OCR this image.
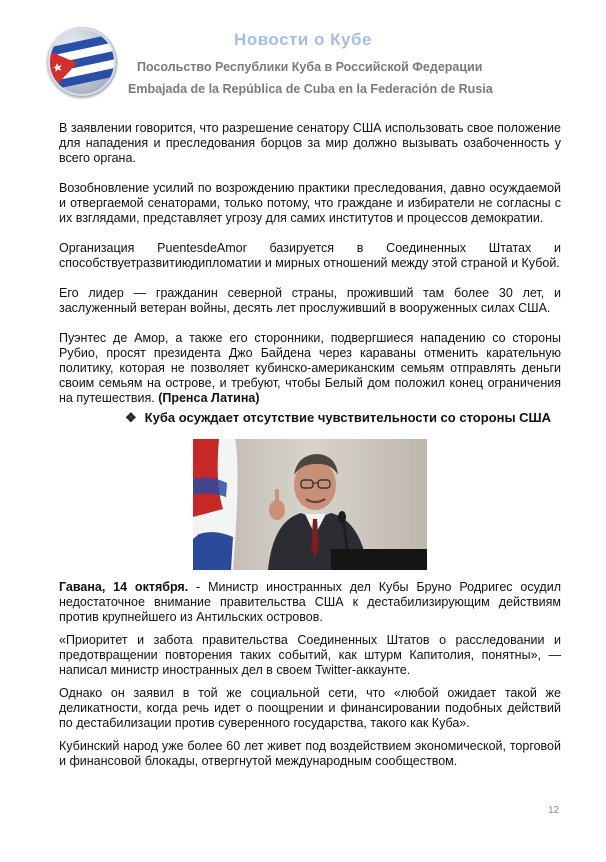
Новости о Кубе
Посольство Республики Куба в Российской Федерации
Embajada de la República de Cuba en la Federación de Rusia

В заявлении говорится, что разрешение сенатору США использовать свое положение для нападения и преследования борцов за мир должно вызывать озабоченность у всего органа.

Возобновление усилий по возрождению практики преследования, давно осуждаемой и отвергаемой сенаторами, только потому, что граждане и избиратели не согласны с их взглядами, представляет угрозу для самих институтов и процессов демократии.

Организация PuentesdeAmor базируется в Соединенных Штатах и способствуетразвитиюдипломатии и мирных отношений между этой страной и Кубой.

Его лидер — гражданин северной страны, проживший там более 30 лет, и заслуженный ветеран войны, десять лет прослуживший в вооруженных силах США.

Пуэнтес де Амор, а также его сторонники, подвергшиеся нападению со стороны Рубио, просят президента Джо Байдена через караваны отменить карательную политику, которая не позволяет кубинско-американским семьям отправлять деньги своим семьям на острове, и требуют, чтобы Белый дом положил конец ограничения на путешествия. (Пренса Латина)

❖ Куба осуждает отсутствие чувствительности со стороны США

Гавана, 14 октября. - Министр иностранных дел Кубы Бруно Родригес осудил недостаточное внимание правительства США к дестабилизирующим действиям против крупнейшего из Антильских островов.

«Приоритет и забота правительства Соединенных Штатов о расследовании и предотвращении повторения таких событий, как штурм Капитолия, понятны», — написал министр иностранных дел в своем Twitter-аккаунте.

Однако он заявил в той же социальной сети, что «любой ожидает такой же деликатности, когда речь идет о поощрении и финансировании подобных действий по дестабилизации против суверенного государства, такого как Куба».

Кубинский народ уже более 60 лет живет под воздействием экономической, торговой и финансовой блокады, отвергнутой международным сообществом.

12
